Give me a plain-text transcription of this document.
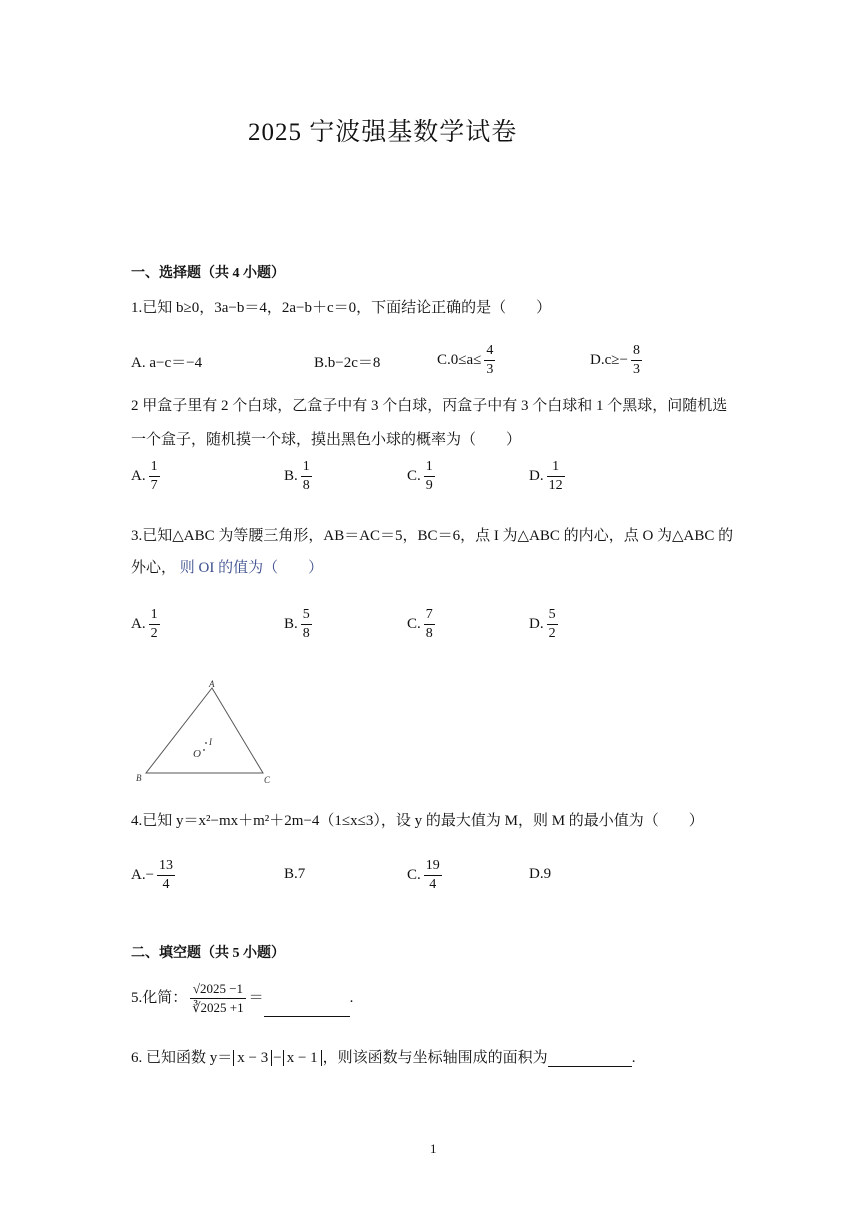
2025 宁波强基数学试卷
一、选择题（共 4 小题）
1.已知 b≥0，3a−b＝4，2a−b＋c＝0，下面结论正确的是（　　）
A. a−c＝−4	B.b−2c＝8	$C.0\le a\le \frac{4}{3}$	$D.c\ge- \frac{8}{3}$
2 甲盒子里有 2 个白球，乙盒子中有 3 个白球，丙盒子中有 3 个白球和 1 个黑球，问随机选
一个盒子，随机摸一个球，摸出黑色小球的概率为（　　）
A. $\frac{1}{7}$	B. $\frac{1}{8}$	C. $\frac{1}{9}$	D. $\frac{1}{12}$
3.已知△ABC 为等腰三角形，AB＝AC＝5，BC＝6，点 I 为△ABC 的内心，点 O 为△ABC 的
外心， 则 OI 的值为（　　）
A. $\frac{1}{2}$	B. $\frac{5}{8}$	C. $\frac{7}{8}$	D. $\frac{5}{2}$
A
B	C
O
I
4.已知 y＝x²−mx＋m²＋2m−4（1≤x≤3），设 y 的最大值为 M，则 M 的最小值为（　　）
$A.- \frac{13}{4}$	B.7	C. $\frac{19}{4}$	D.9
二、填空题（共 5 小题）
5.化简： $\frac{√2025 -1}{∛2025 +1}$ ＝	.
6. 已知函数 y＝ x − 3 − x − 1 ，则该函数与坐标轴围成的面积为	.
1
